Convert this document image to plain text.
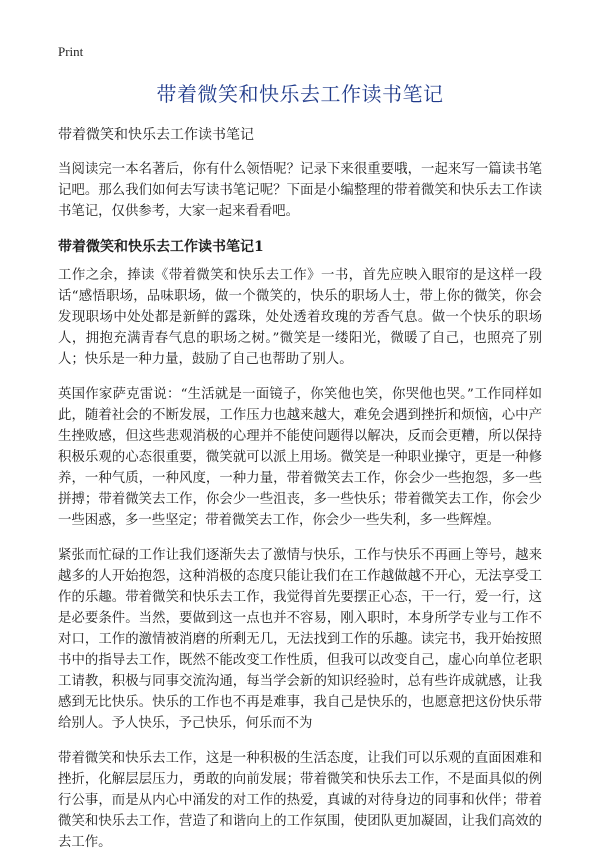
Print
带着微笑和快乐去工作读书笔记
带着微笑和快乐去工作读书笔记

当阅读完一本名著后，你有什么领悟呢？记录下来很重要哦，一起来写一篇读书笔记吧。那么我们如何去写读书笔记呢？下面是小编整理的带着微笑和快乐去工作读书笔记，仅供参考，大家一起来看看吧。

带着微笑和快乐去工作读书笔记1

工作之余，捧读《带着微笑和快乐去工作》一书，首先应映入眼帘的是这样一段话“感悟职场，品味职场，做一个微笑的，快乐的职场人士，带上你的微笑，你会发现职场中处处都是新鲜的露珠，处处透着玫瑰的芳香气息。做一个快乐的职场人，拥抱充满青春气息的职场之树。”微笑是一缕阳光，微暖了自己，也照亮了别人；快乐是一种力量，鼓励了自己也帮助了别人。

英国作家萨克雷说：“生活就是一面镜子，你笑他也笑，你哭他也哭。”工作同样如此，随着社会的不断发展，工作压力也越来越大，难免会遇到挫折和烦恼，心中产生挫败感，但这些悲观消极的心理并不能使问题得以解决，反而会更糟，所以保持积极乐观的心态很重要，微笑就可以派上用场。微笑是一种职业操守，更是一种修养，一种气质，一种风度，一种力量，带着微笑去工作，你会少一些抱怨，多一些拼搏；带着微笑去工作，你会少一些沮丧，多一些快乐；带着微笑去工作，你会少一些困惑，多一些坚定；带着微笑去工作，你会少一些失利，多一些辉煌。

紧张而忙碌的工作让我们逐渐失去了激情与快乐，工作与快乐不再画上等号，越来越多的人开始抱怨，这种消极的态度只能让我们在工作越做越不开心，无法享受工作的乐趣。带着微笑和快乐去工作，我觉得首先要摆正心态，干一行，爱一行，这是必要条件。当然，要做到这一点也并不容易，刚入职时，本身所学专业与工作不对口，工作的激情被消磨的所剩无几，无法找到工作的乐趣。读完书，我开始按照书中的指导去工作，既然不能改变工作性质，但我可以改变自己，虚心向单位老职工请教，积极与同事交流沟通，每当学会新的知识经验时，总有些许成就感，让我感到无比快乐。快乐的工作也不再是难事，我自己是快乐的，也愿意把这份快乐带给别人。予人快乐，予己快乐，何乐而不为

带着微笑和快乐去工作，这是一种积极的生活态度，让我们可以乐观的直面困难和挫折，化解层层压力，勇敢的向前发展；带着微笑和快乐去工作，不是面具似的例行公事，而是从内心中涌发的对工作的热爱，真诚的对待身边的同事和伙伴；带着微笑和快乐去工作，营造了和谐向上的工作氛围，使团队更加凝固，让我们高效的去工作。
